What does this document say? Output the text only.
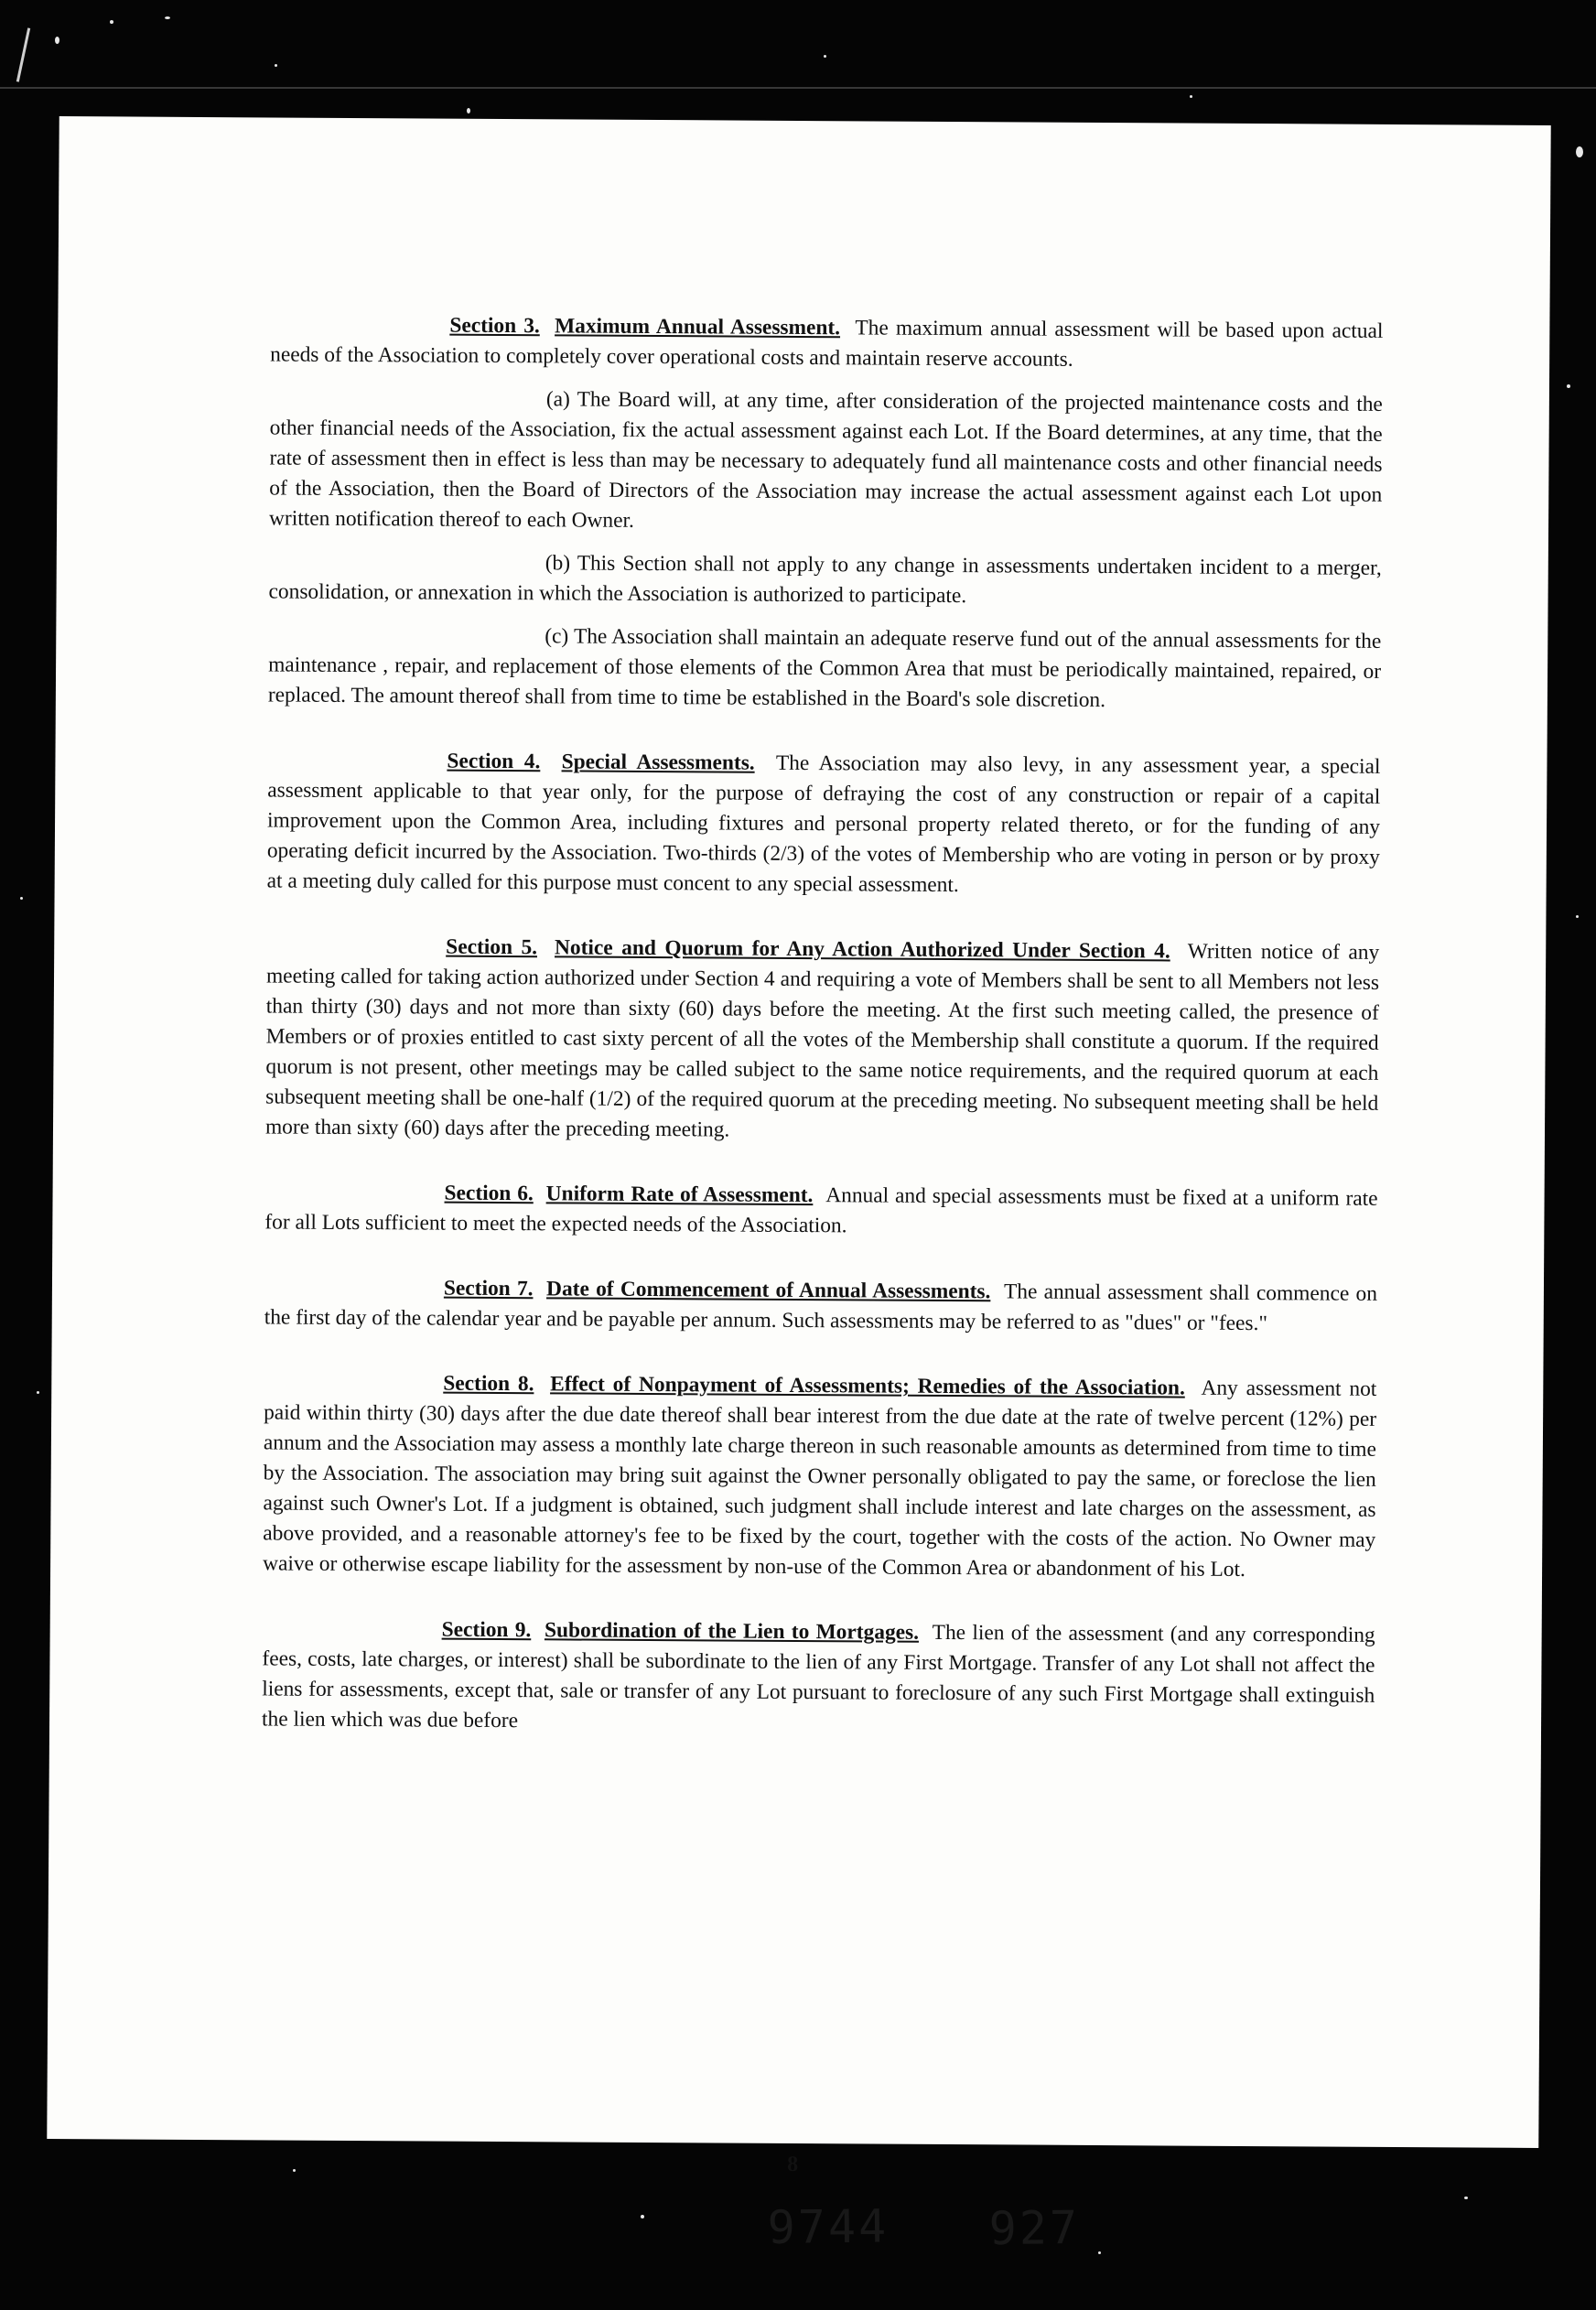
Section 3. Maximum Annual Assessment. The maximum annual assessment will be based upon actual needs of the Association to completely cover operational costs and maintain reserve accounts.

(a) The Board will, at any time, after consideration of the projected maintenance costs and the other financial needs of the Association, fix the actual assessment against each Lot. If the Board determines, at any time, that the rate of assessment then in effect is less than may be necessary to adequately fund all maintenance costs and other financial needs of the Association, then the Board of Directors of the Association may increase the actual assessment against each Lot upon written notification thereof to each Owner.

(b) This Section shall not apply to any change in assessments undertaken incident to a merger, consolidation, or annexation in which the Association is authorized to participate.

(c) The Association shall maintain an adequate reserve fund out of the annual assessments for the maintenance , repair, and replacement of those elements of the Common Area that must be periodically maintained, repaired, or replaced. The amount thereof shall from time to time be established in the Board's sole discretion.

Section 4. Special Assessments. The Association may also levy, in any assessment year, a special assessment applicable to that year only, for the purpose of defraying the cost of any construction or repair of a capital improvement upon the Common Area, including fixtures and personal property related thereto, or for the funding of any operating deficit incurred by the Association. Two-thirds (2/3) of the votes of Membership who are voting in person or by proxy at a meeting duly called for this purpose must concent to any special assessment.

Section 5. Notice and Quorum for Any Action Authorized Under Section 4. Written notice of any meeting called for taking action authorized under Section 4 and requiring a vote of Members shall be sent to all Members not less than thirty (30) days and not more than sixty (60) days before the meeting. At the first such meeting called, the presence of Members or of proxies entitled to cast sixty percent of all the votes of the Membership shall constitute a quorum. If the required quorum is not present, other meetings may be called subject to the same notice requirements, and the required quorum at each subsequent meeting shall be one-half (1/2) of the required quorum at the preceding meeting. No subsequent meeting shall be held more than sixty (60) days after the preceding meeting.

Section 6. Uniform Rate of Assessment. Annual and special assessments must be fixed at a uniform rate for all Lots sufficient to meet the expected needs of the Association.

Section 7. Date of Commencement of Annual Assessments. The annual assessment shall commence on the first day of the calendar year and be payable per annum. Such assessments may be referred to as "dues" or "fees."

Section 8. Effect of Nonpayment of Assessments; Remedies of the Association. Any assessment not paid within thirty (30) days after the due date thereof shall bear interest from the due date at the rate of twelve percent (12%) per annum and the Association may assess a monthly late charge thereon in such reasonable amounts as determined from time to time by the Association. The association may bring suit against the Owner personally obligated to pay the same, or foreclose the lien against such Owner's Lot. If a judgment is obtained, such judgment shall include interest and late charges on the assessment, as above provided, and a reasonable attorney's fee to be fixed by the court, together with the costs of the action. No Owner may waive or otherwise escape liability for the assessment by non-use of the Common Area or abandonment of his Lot.

Section 9. Subordination of the Lien to Mortgages. The lien of the assessment (and any corresponding fees, costs, late charges, or interest) shall be subordinate to the lien of any First Mortgage. Transfer of any Lot shall not affect the liens for assessments, except that, sale or transfer of any Lot pursuant to foreclosure of any such First Mortgage shall extinguish the lien which was due before

8
9744 927
